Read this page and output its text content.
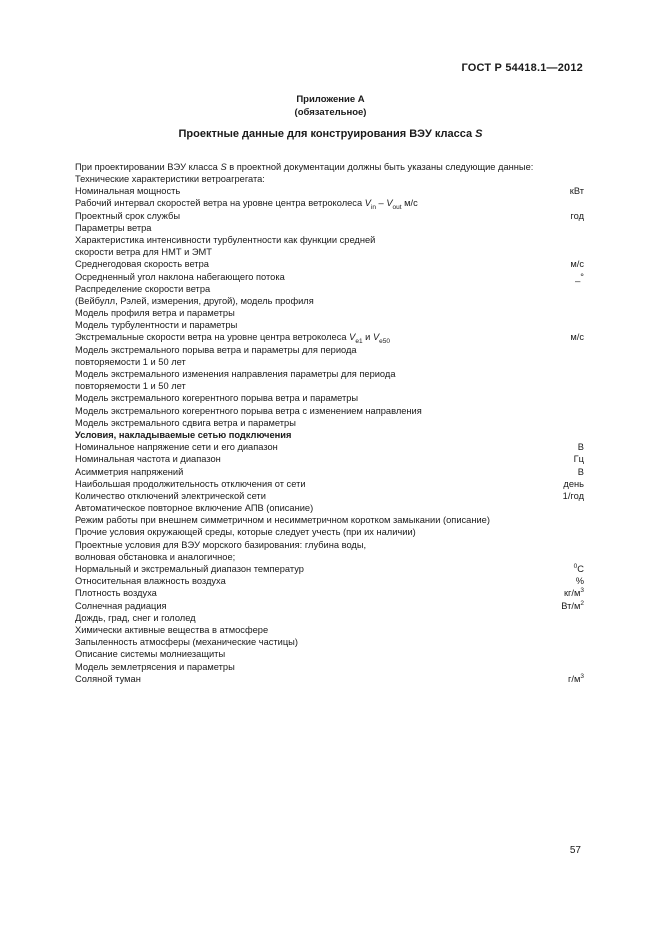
ГОСТ Р 54418.1—2012
Приложение А
(обязательное)
Проектные данные для конструирования ВЭУ класса S
При проектировании ВЭУ класса S в проектной документации должны быть указаны следующие данные:
Технические характеристики ветроагрегата:
Номинальная мощность	кВт
Рабочий интервал скоростей ветра на уровне центра ветроколеса $V_{in} - V_{out}$ м/с
Проектный срок службы	год
Параметры ветра
Характеристика интенсивности турбулентности как функции средней
скорости ветра для НМТ и ЭМТ
Среднегодовая скорость ветра	м/с
Осредненный угол наклона набегающего потока	_°
Распределение скорости ветра
(Вейбулл, Рэлей, измерения, другой), модель профиля
Модель профиля ветра и параметры
Модель турбулентности и параметры
Экстремальные скорости ветра на уровне центра ветроколеса $V_{e1}$ и $V_{e50}$	м/с
Модель экстремального порыва ветра и параметры для периода
повторяемости 1 и 50 лет
Модель экстремального изменения направления параметры для периода
повторяемости 1 и 50 лет
Модель экстремального когерентного порыва ветра и параметры
Модель экстремального когерентного порыва ветра с изменением направления
Модель экстремального сдвига ветра и параметры
Условия, накладываемые сетью подключения
Номинальное напряжение сети и его диапазон	В
Номинальная частота и диапазон	Гц
Асимметрия напряжений	В
Наибольшая продолжительность отключения от сети	день
Количество отключений электрической сети	1/год
Автоматическое повторное включение АПВ (описание)
Режим работы при внешнем симметричном и несимметричном коротком замыкании (описание)
Прочие условия окружающей среды, которые следует учесть (при их наличии)
Проектные условия для ВЭУ морского базирования: глубина воды,
волновая обстановка и аналогичное;
Нормальный и экстремальный диапазон температур	$^0$С
Относительная влажность воздуха	%
Плотность воздуха	$кг/м^3$
Солнечная радиация	$Вт/м^2$
Дождь, град, снег и гололед
Химически активные вещества в атмосфере
Запыленность атмосферы (механические частицы)
Описание системы молниезащиты
Модель землетрясения и параметры
Соляной туман	$г/м^3$
57
